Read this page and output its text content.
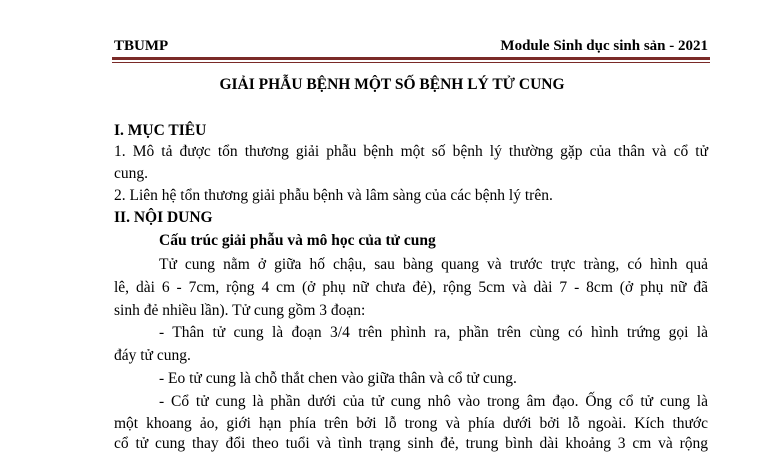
TBUMP	Module Sinh dục sinh sản - 2021
GIẢI PHẪU BỆNH MỘT SỐ BỆNH LÝ TỬ CUNG
I. MỤC TIÊU
1. Mô tả được tổn thương giải phẫu bệnh một số bệnh lý thường gặp của thân và cổ tử
cung.
2. Liên hệ tổn thương giải phẫu bệnh và lâm sàng của các bệnh lý trên.
II. NỘI DUNG
Cấu trúc giải phẫu và mô học của tử cung
Tử cung nằm ở giữa hố chậu, sau bàng quang và trước trực tràng, có hình quả
lê, dài 6 - 7cm, rộng 4 cm (ở phụ nữ chưa đẻ), rộng 5cm và dài 7 - 8cm (ở phụ nữ đã
sinh đẻ nhiều lần). Tử cung gồm 3 đoạn:
- Thân tử cung là đoạn 3/4 trên phình ra, phần trên cùng có hình trứng gọi là
đáy tử cung.
- Eo tử cung là chỗ thắt chen vào giữa thân và cổ tử cung.
- Cổ tử cung là phần dưới của tử cung nhô vào trong âm đạo. Ống cổ tử cung là
một khoang ảo, giới hạn phía trên bởi lỗ trong và phía dưới bởi lỗ ngoài. Kích thước
cổ tử cung thay đổi theo tuổi và tình trạng sinh đẻ, trung bình dài khoảng 3 cm và rộng
